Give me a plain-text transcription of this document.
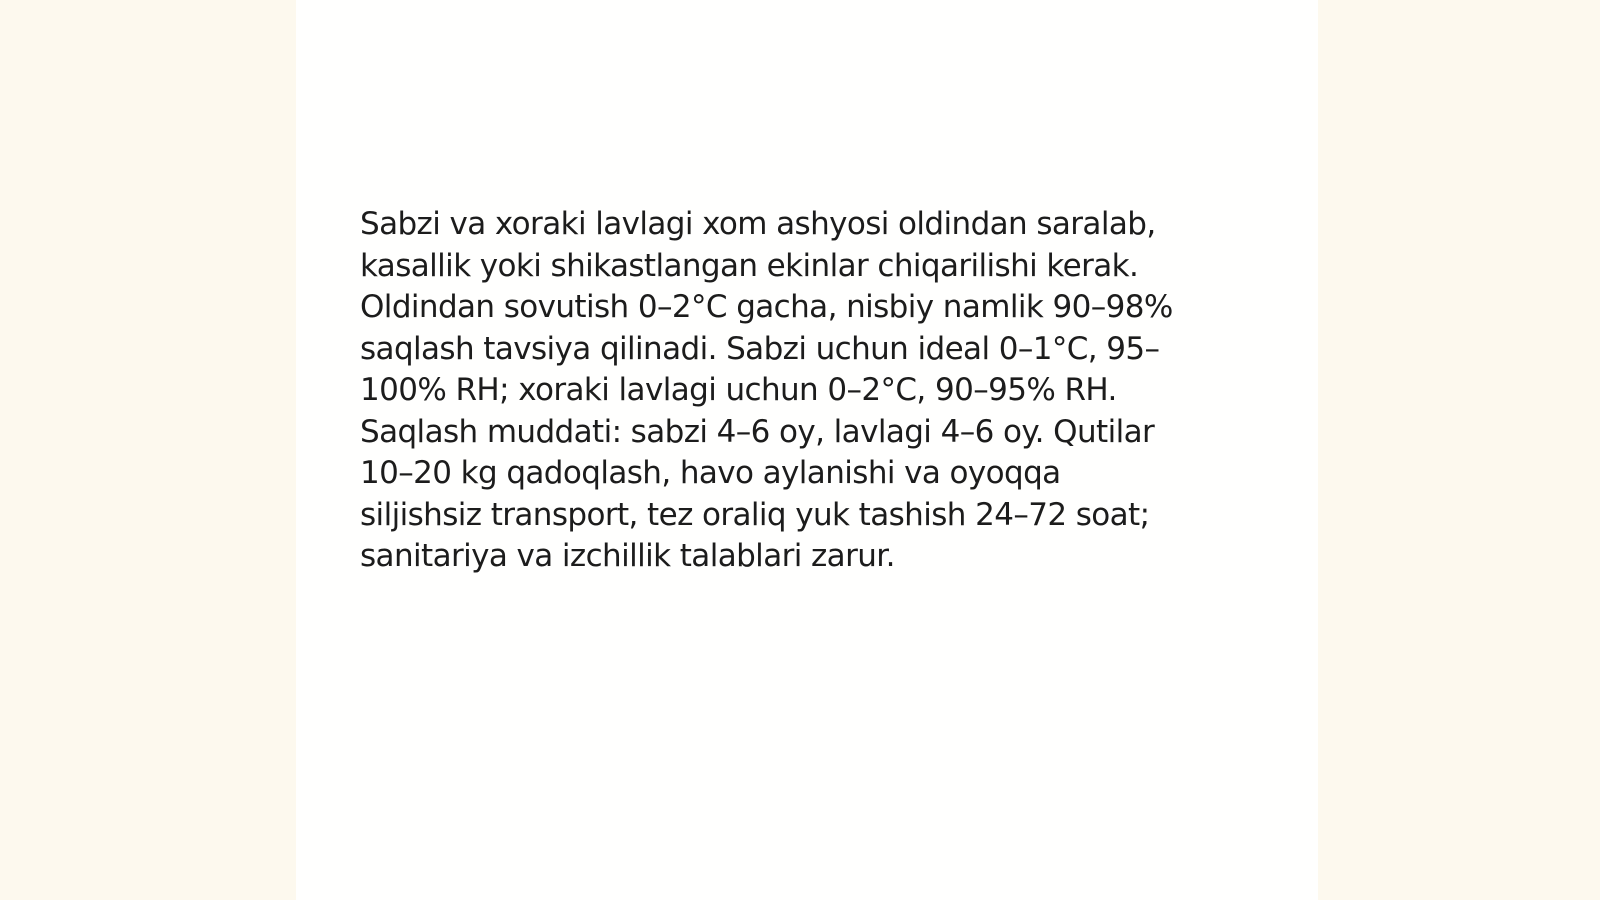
Sabzi va xoraki lavlagi xom ashyosi oldindan saralab,
kasallik yoki shikastlangan ekinlar chiqarilishi kerak.
Oldindan sovutish 0–2°C gacha, nisbiy namlik 90–98%
saqlash tavsiya qilinadi. Sabzi uchun ideal 0–1°C, 95–
100% RH; xoraki lavlagi uchun 0–2°C, 90–95% RH.
Saqlash muddati: sabzi 4–6 oy, lavlagi 4–6 oy. Qutilar
10–20 kg qadoqlash, havo aylanishi va oyoqqa
siljishsiz transport, tez oraliq yuk tashish 24–72 soat;
sanitariya va izchillik talablari zarur.
